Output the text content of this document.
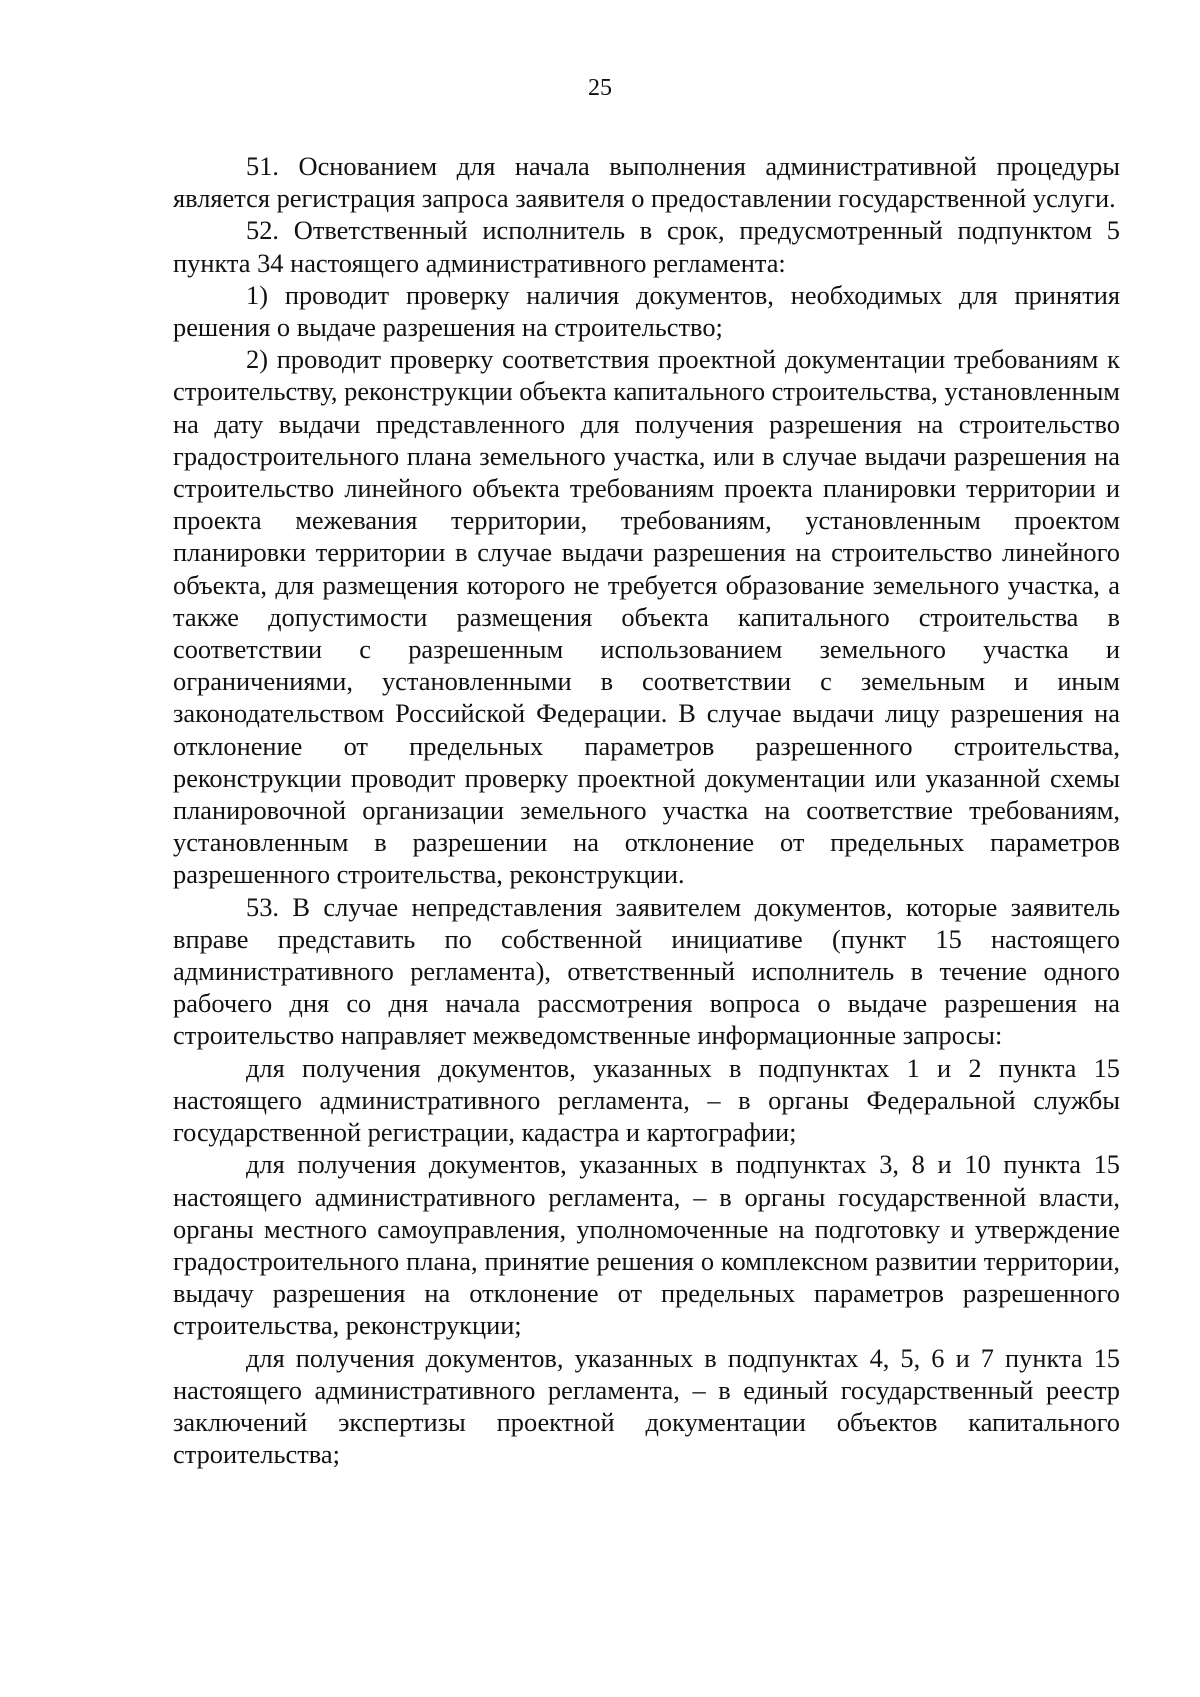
25

51. Основанием для начала выполнения административной процедуры является регистрация запроса заявителя о предоставлении государственной услуги.

52. Ответственный исполнитель в срок, предусмотренный подпунктом 5 пункта 34 настоящего административного регламента:

1) проводит проверку наличия документов, необходимых для принятия решения о выдаче разрешения на строительство;

2) проводит проверку соответствия проектной документации требованиям к строительству, реконструкции объекта капитального строительства, установленным на дату выдачи представленного для получения разрешения на строительство градостроительного плана земельного участка, или в случае выдачи разрешения на строительство линейного объекта требованиям проекта планировки территории и проекта межевания территории, требованиям, установленным проектом планировки территории в случае выдачи разрешения на строительство линейного объекта, для размещения которого не требуется образование земельного участка, а также допустимости размещения объекта капитального строительства в соответствии с разрешенным использованием земельного участка и ограничениями, установленными в соответствии с земельным и иным законодательством Российской Федерации. В случае выдачи лицу разрешения на отклонение от предельных параметров разрешенного строительства, реконструкции проводит проверку проектной документации или указанной схемы планировочной организации земельного участка на соответствие требованиям, установленным в разрешении на отклонение от предельных параметров разрешенного строительства, реконструкции.

53. В случае непредставления заявителем документов, которые заявитель вправе представить по собственной инициативе (пункт 15 настоящего административного регламента), ответственный исполнитель в течение одного рабочего дня со дня начала рассмотрения вопроса о выдаче разрешения на строительство направляет межведомственные информационные запросы:

для получения документов, указанных в подпунктах 1 и 2 пункта 15 настоящего административного регламента, – в органы Федеральной службы государственной регистрации, кадастра и картографии;

для получения документов, указанных в подпунктах 3, 8 и 10 пункта 15 настоящего административного регламента, – в органы государственной власти, органы местного самоуправления, уполномоченные на подготовку и утверждение градостроительного плана, принятие решения о комплексном развитии территории, выдачу разрешения на отклонение от предельных параметров разрешенного строительства, реконструкции;

для получения документов, указанных в подпунктах 4, 5, 6 и 7 пункта 15 настоящего административного регламента, – в единый государственный реестр заключений экспертизы проектной документации объектов капитального строительства;
